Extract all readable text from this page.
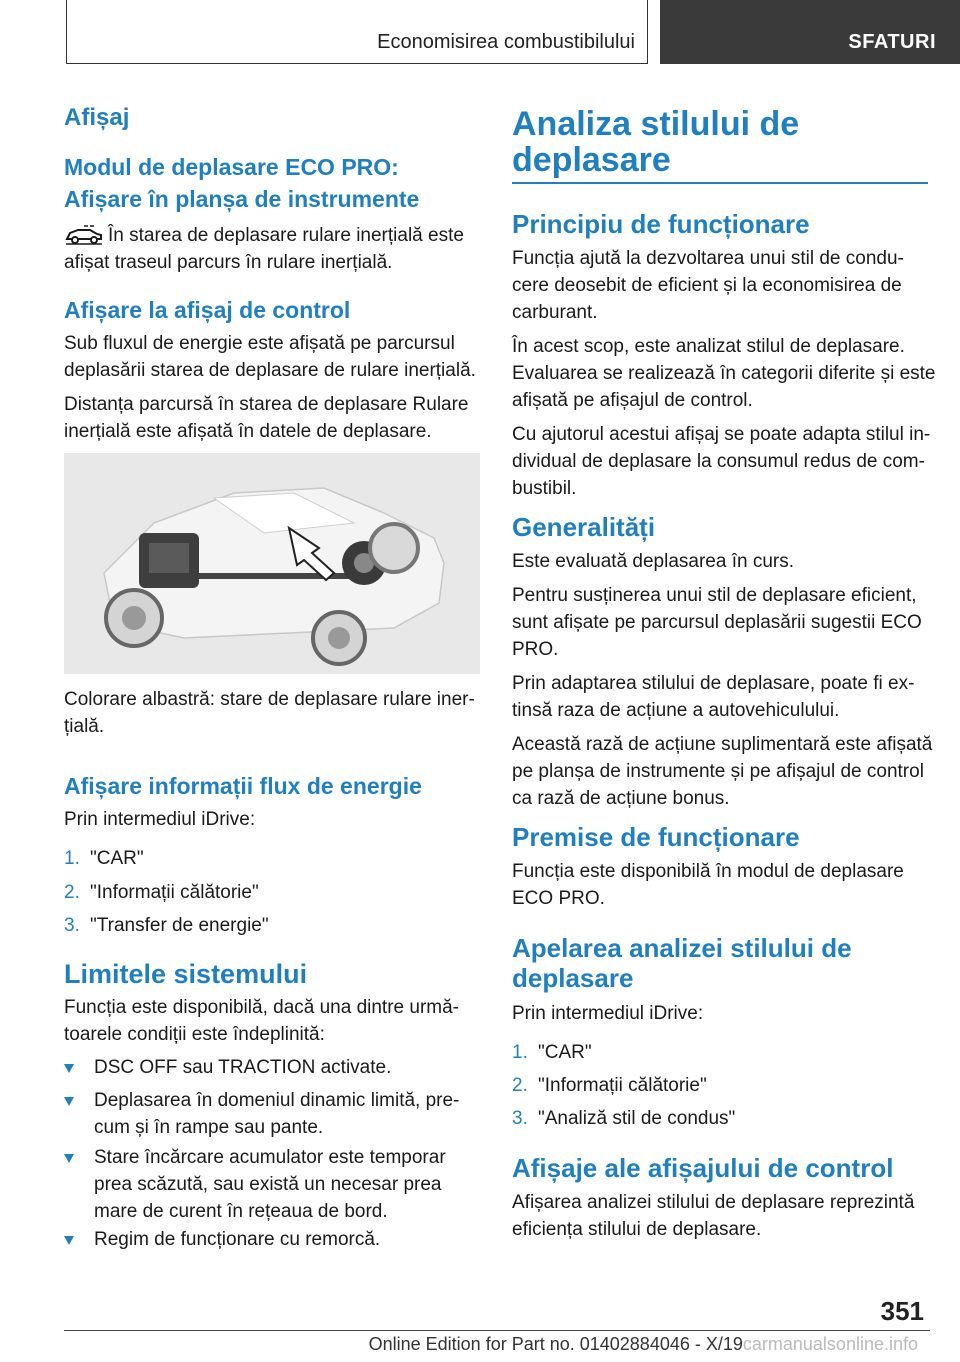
Economisirea combustibilului	SFATURI
Afișaj
Modul de deplasare ECO PRO:
Afișare în planșa de instrumente

În starea de deplasare rulare inerțială este

afișat traseul parcurs în rulare inerțială.

Afișare la afișaj de control

Sub fluxul de energie este afișată pe parcursul

deplasării starea de deplasare de rulare inerțială.

Distanța parcursă în starea de deplasare Rulare

inerțială este afișată în datele de deplasare.

Colorare albastră: stare de deplasare rulare iner‐

țială.

Afișare informații flux de energie

Prin intermediul iDrive:

1. "CAR"
2. "Informații călătorie"
3. "Transfer de energie"
Limitele sistemului

Funcția este disponibilă, dacă una dintre urmă‐

toarele condiții este îndeplinită:

DSC OFF sau TRACTION activate.
Deplasarea în domeniul dinamic limită, pre‐
cum și în rampe sau pante.
Stare încărcare acumulator este temporar
prea scăzută, sau există un necesar prea
mare de curent în rețeaua de bord.
Regim de funcționare cu remorcă.
Analiza stilului de
deplasare
Principiu de funcționare

Funcția ajută la dezvoltarea unui stil de condu‐

cere deosebit de eficient și la economisirea de

carburant.

În acest scop, este analizat stilul de deplasare.

Evaluarea se realizează în categorii diferite și este

afișată pe afișajul de control.

Cu ajutorul acestui afișaj se poate adapta stilul in‐

dividual de deplasare la consumul redus de com‐

bustibil.

Generalități

Este evaluată deplasarea în curs.

Pentru susținerea unui stil de deplasare eficient,

sunt afișate pe parcursul deplasării sugestii ECO

PRO.

Prin adaptarea stilului de deplasare, poate fi ex‐

tinsă raza de acțiune a autovehiculului.

Această rază de acțiune suplimentară este afișată

pe planșa de instrumente și pe afișajul de control

ca rază de acțiune bonus.

Premise de funcționare

Funcția este disponibilă în modul de deplasare

ECO PRO.

Apelarea analizei stilului de
deplasare

Prin intermediul iDrive:

1. "CAR"
2. "Informații călătorie"
3. "Analiză stil de condus"
Afișaje ale afișajului de control

Afișarea analizei stilului de deplasare reprezintă

eficiența stilului de deplasare.

351
Online Edition for Part no. 01402884046 - X/19carmanualsonline.info
